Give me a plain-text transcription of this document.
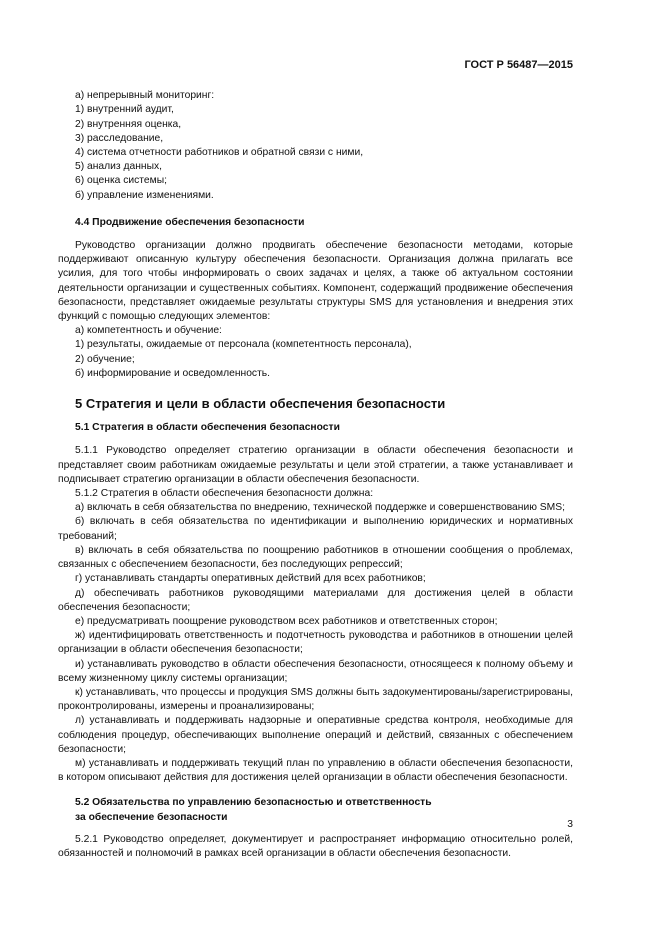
ГОСТ Р 56487—2015

а) непрерывный мониторинг:

1) внутренний аудит,

2) внутренняя оценка,

3) расследование,

4) система отчетности работников и обратной связи с ними,

5) анализ данных,

6) оценка системы;

б) управление изменениями.

4.4 Продвижение обеспечения безопасности

Руководство организации должно продвигать обеспечение безопасности методами, которые поддерживают описанную культуру обеспечения безопасности. Организация должна прилагать все усилия, для того чтобы информировать о своих задачах и целях, а также об актуальном состоянии деятельности организации и существенных событиях. Компонент, содержащий продвижение обеспечения безопасности, представляет ожидаемые результаты структуры SMS для установления и внедрения этих функций с помощью следующих элементов:

а) компетентность и обучение:

1) результаты, ожидаемые от персонала (компетентность персонала),

2) обучение;

б) информирование и осведомленность.

5 Стратегия и цели в области обеспечения безопасности
5.1 Стратегия в области обеспечения безопасности

5.1.1 Руководство определяет стратегию организации в области обеспечения безопасности и представляет своим работникам ожидаемые результаты и цели этой стратегии, а также устанавливает и подписывает стратегию организации в области обеспечения безопасности.

5.1.2 Стратегия в области обеспечения безопасности должна:

а) включать в себя обязательства по внедрению, технической поддержке и совершенствованию SMS;

б) включать в себя обязательства по идентификации и выполнению юридических и нормативных требований;

в) включать в себя обязательства по поощрению работников в отношении сообщения о проблемах, связанных с обеспечением безопасности, без последующих репрессий;

г) устанавливать стандарты оперативных действий для всех работников;

д) обеспечивать работников руководящими материалами для достижения целей в области обеспечения безопасности;

е) предусматривать поощрение руководством всех работников и ответственных сторон;

ж) идентифицировать ответственность и подотчетность руководства и работников в отношении целей организации в области обеспечения безопасности;

и) устанавливать руководство в области обеспечения безопасности, относящееся к полному объему и всему жизненному циклу системы организации;

к) устанавливать, что процессы и продукция SMS должны быть задокументированы/зарегистрированы, проконтролированы, измерены и проанализированы;

л) устанавливать и поддерживать надзорные и оперативные средства контроля, необходимые для соблюдения процедур, обеспечивающих выполнение операций и действий, связанных с обеспечением безопасности;

м) устанавливать и поддерживать текущий план по управлению в области обеспечения безопасности, в котором описывают действия для достижения целей организации в области обеспечения безопасности.

5.2 Обязательства по управлению безопасностью и ответственность
за обеспечение безопасности

5.2.1 Руководство определяет, документирует и распространяет информацию относительно ролей, обязанностей и полномочий в рамках всей организации в области обеспечения безопасности.

3
